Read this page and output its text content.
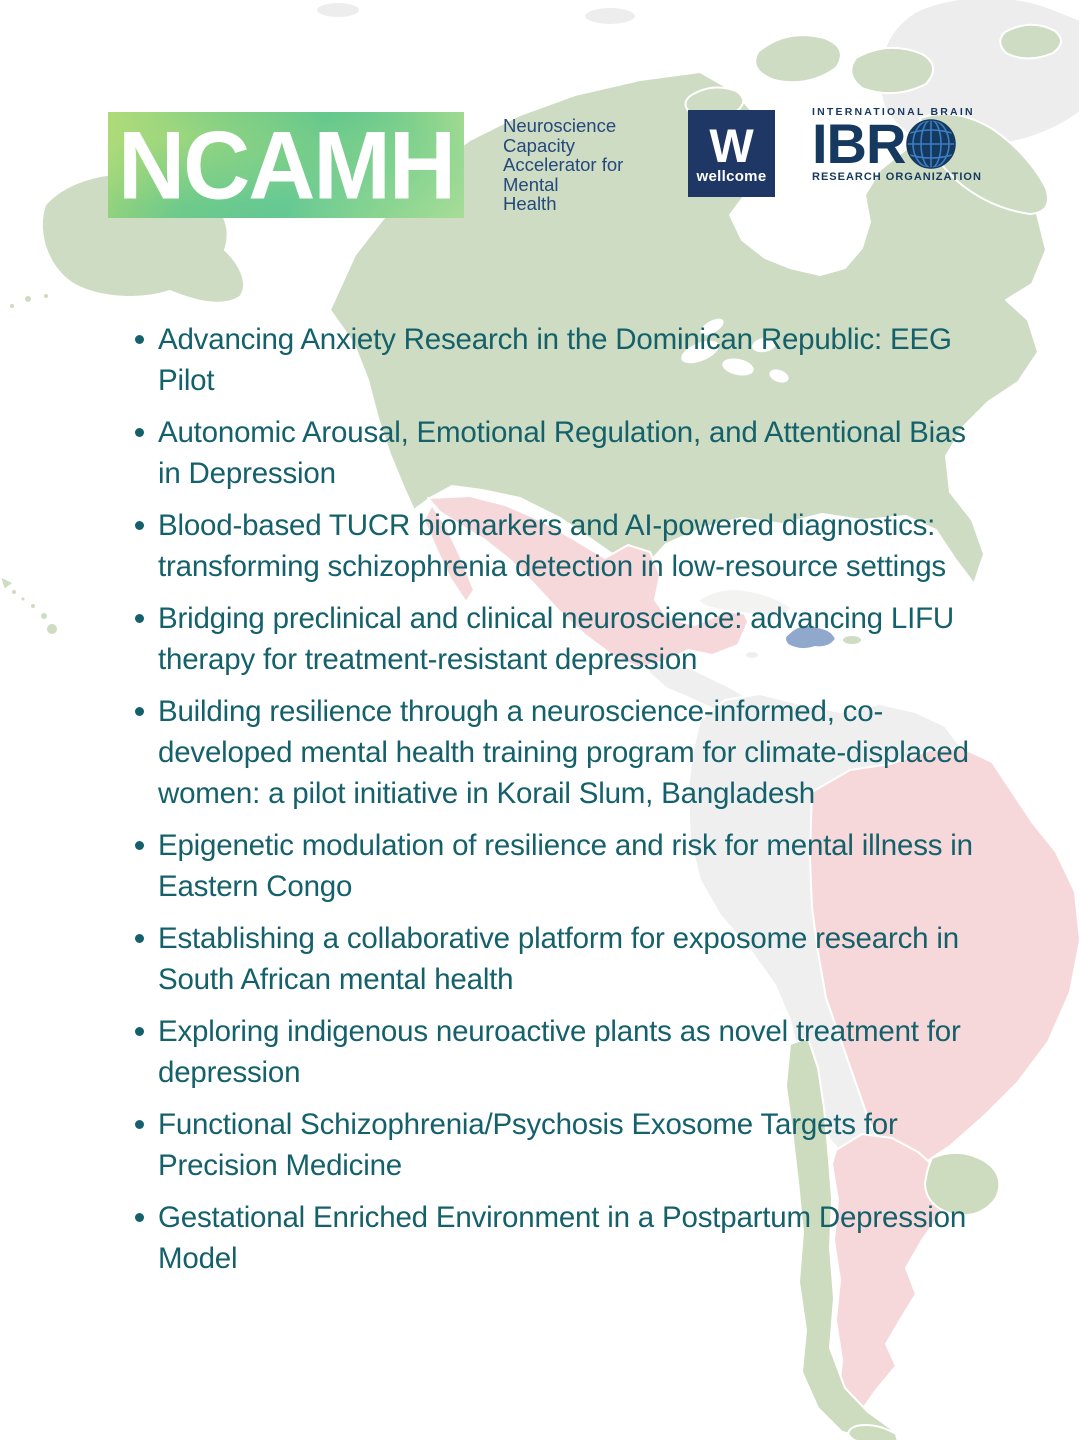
NCAMH	Neuroscience
Capacity
Accelerator for
Mental
Health
W
wellcome
INTERNATIONAL BRAIN
IBR
RESEARCH ORGANIZATION
Advancing Anxiety Research in the Dominican Republic: EEG Pilot
Autonomic Arousal, Emotional Regulation, and Attentional Bias in Depression
Blood-based TUCR biomarkers and AI-powered diagnostics: transforming schizophrenia detection in low-resource settings
Bridging preclinical and clinical neuroscience: advancing LIFU therapy for treatment-resistant depression
Building resilience through a neuroscience-informed, co-developed mental health training program for climate-displaced women: a pilot initiative in Korail Slum, Bangladesh
Epigenetic modulation of resilience and risk for mental illness in Eastern Congo
Establishing a collaborative platform for exposome research in South African mental health
Exploring indigenous neuroactive plants as novel treatment for depression
Functional Schizophrenia/Psychosis Exosome Targets for Precision Medicine
Gestational Enriched Environment in a Postpartum Depression Model
